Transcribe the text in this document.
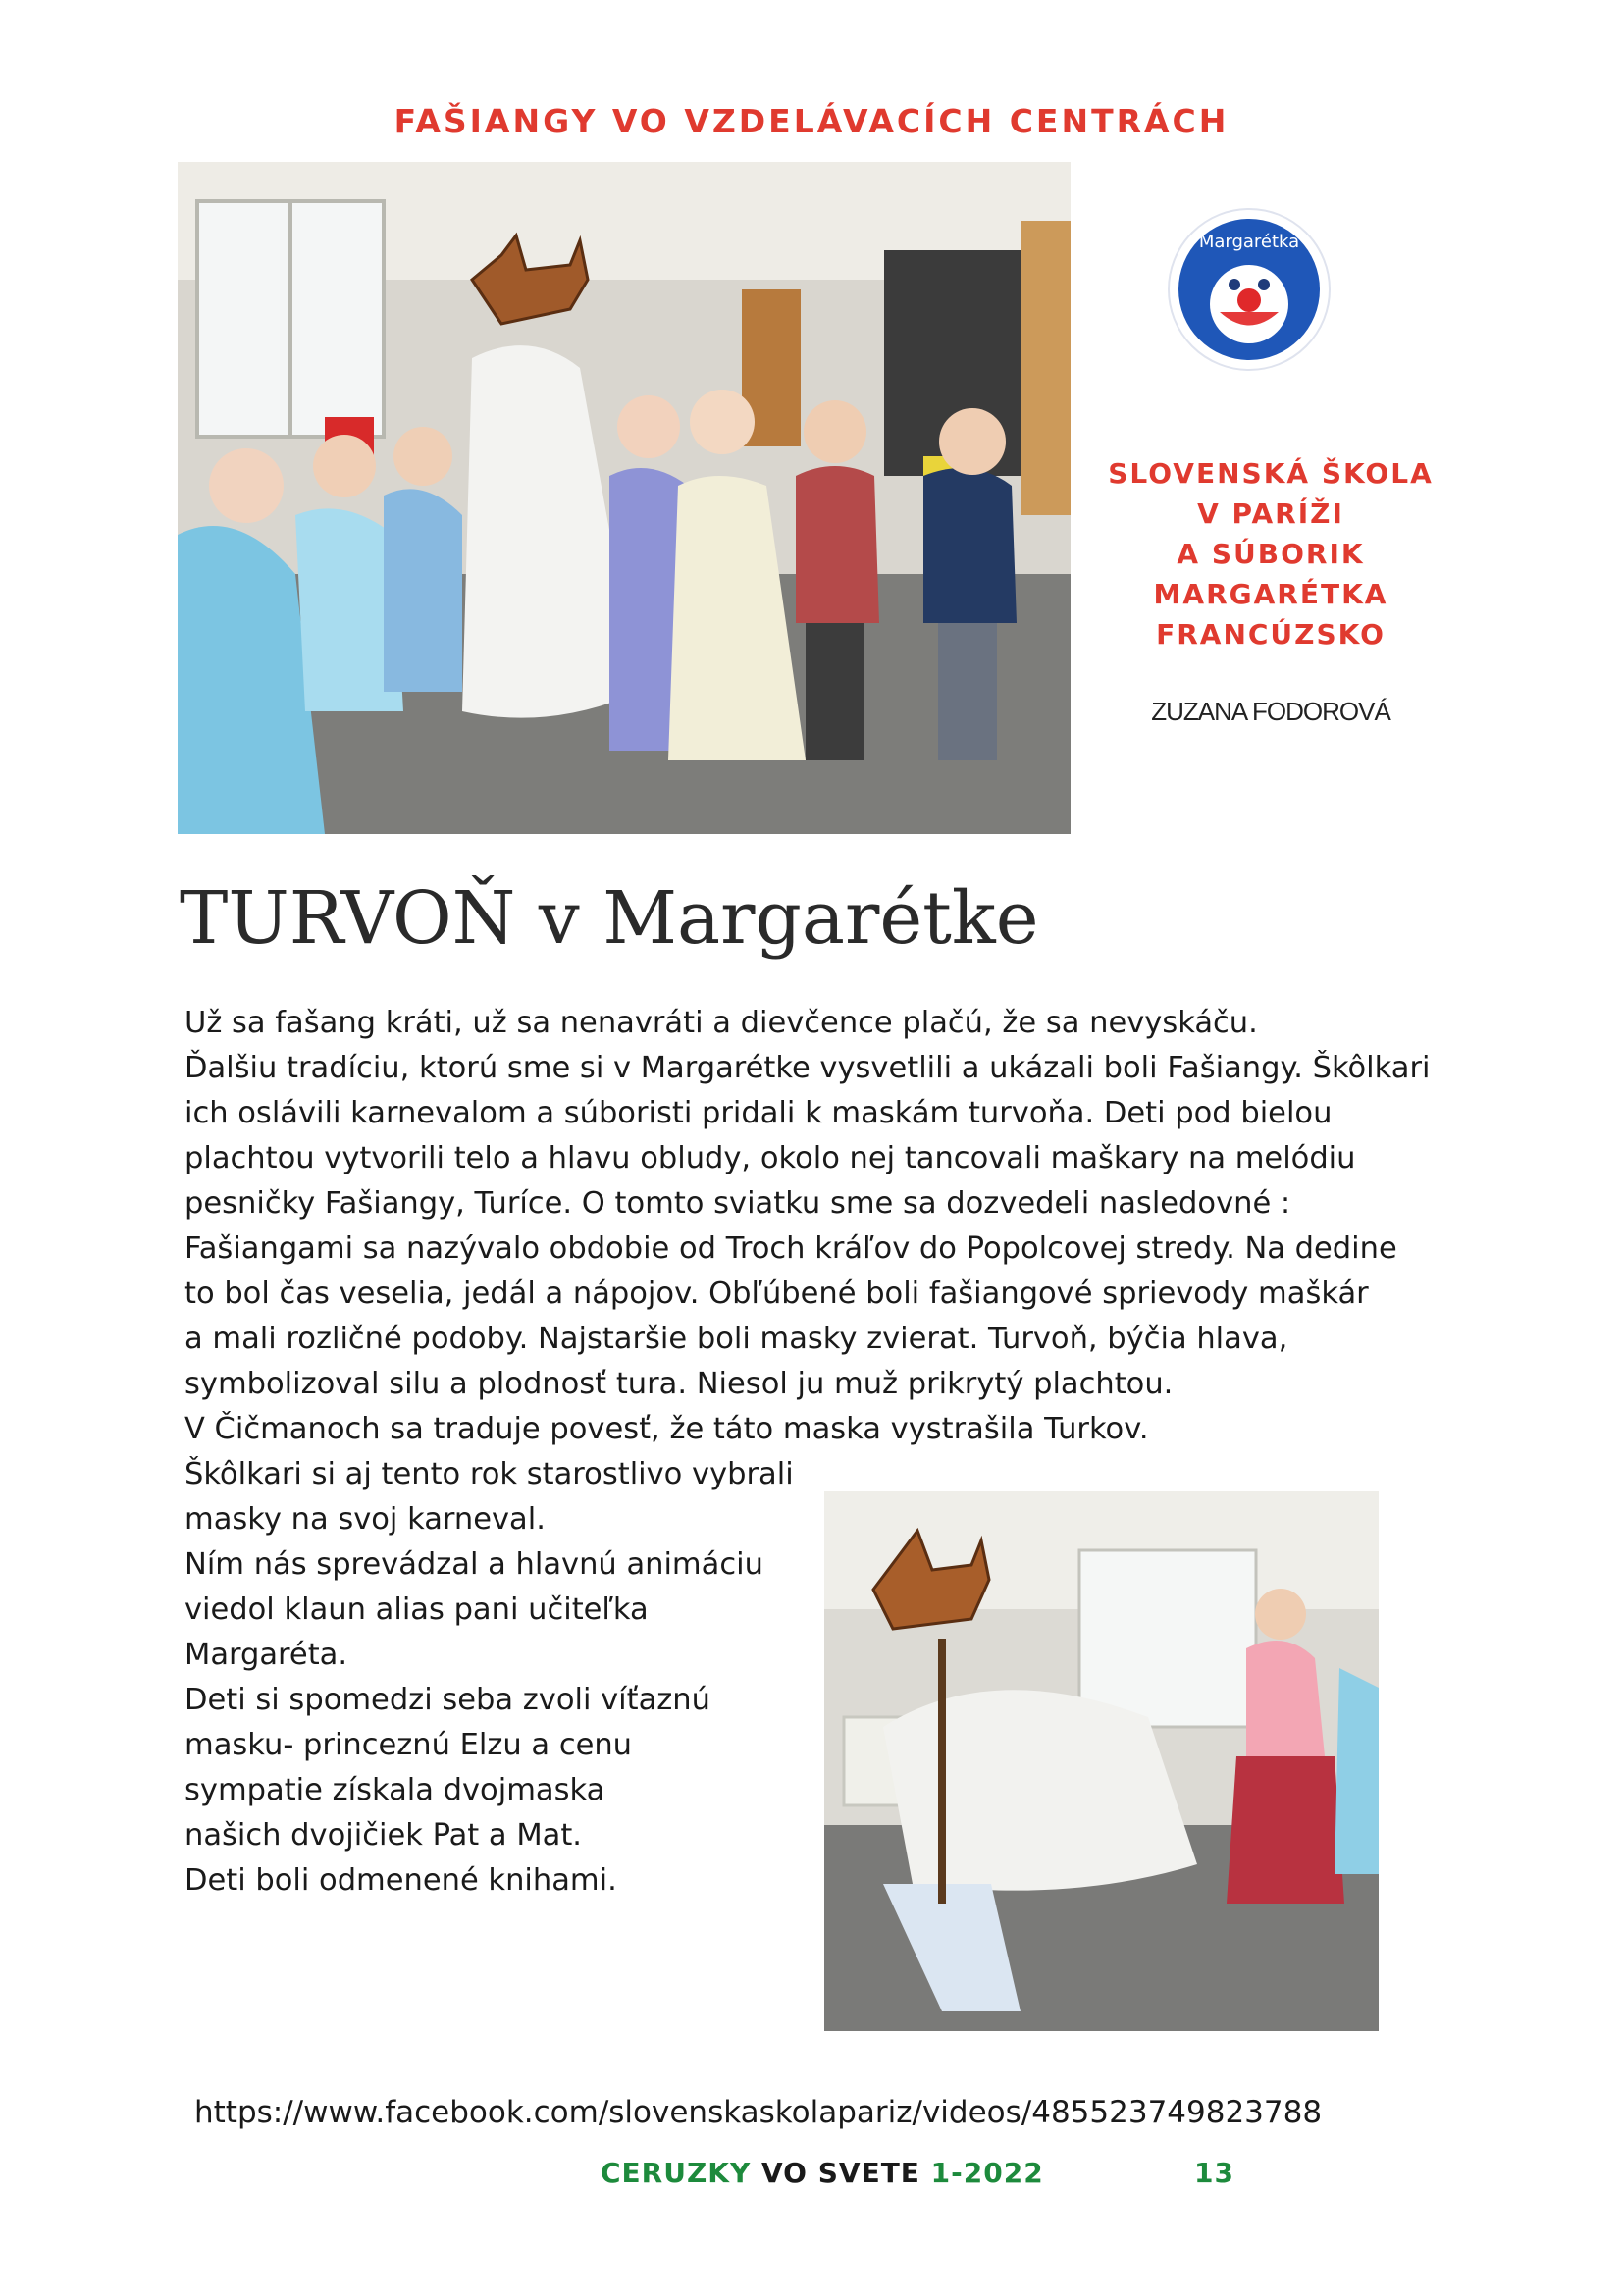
FAŠIANGY VO VZDELÁVACÍCH CENTRÁCH
Margarétka
SLOVENSKÁ ŠKOLA
V PARÍŽI
A SÚBORIK
MARGARÉTKA
FRANCÚZSKO
ZUZANA FODOROVÁ
TURVOŇ v Margarétke
Už sa fašang kráti, už sa nenavráti a dievčence plačú, že sa nevyskáču.
Ďalšiu tradíciu, ktorú sme si v Margarétke vysvetlili a ukázali boli Fašiangy. Škôlkari
ich oslávili karnevalom a súboristi pridali k maskám turvoňa. Deti pod bielou
plachtou vytvorili telo a hlavu obludy, okolo nej tancovali maškary na melódiu
pesničky Fašiangy, Turíce. O tomto sviatku sme sa dozvedeli nasledovné :
Fašiangami sa nazývalo obdobie od Troch kráľov do Popolcovej stredy. Na dedine
to bol čas veselia, jedál a nápojov. Obľúbené boli fašiangové sprievody maškár
a mali rozličné podoby. Najstaršie boli masky zvierat. Turvoň, býčia hlava,
symbolizoval silu a plodnosť tura. Niesol ju muž prikrytý plachtou.
V Čičmanoch sa traduje povesť, že táto maska vystrašila Turkov.
Škôlkari si aj tento rok starostlivo vybrali
masky na svoj karneval.
Ním nás sprevádzal a hlavnú animáciu
viedol klaun alias pani učiteľka
Margaréta.
Deti si spomedzi seba zvoli víťaznú
masku- princeznú Elzu a cenu
sympatie získala dvojmaska
našich dvojičiek Pat a Mat.
Deti boli odmenené knihami.
https://www.facebook.com/slovenskaskolapariz/videos/485523749823788
CERUZKY VO SVETE 1-2022	13
